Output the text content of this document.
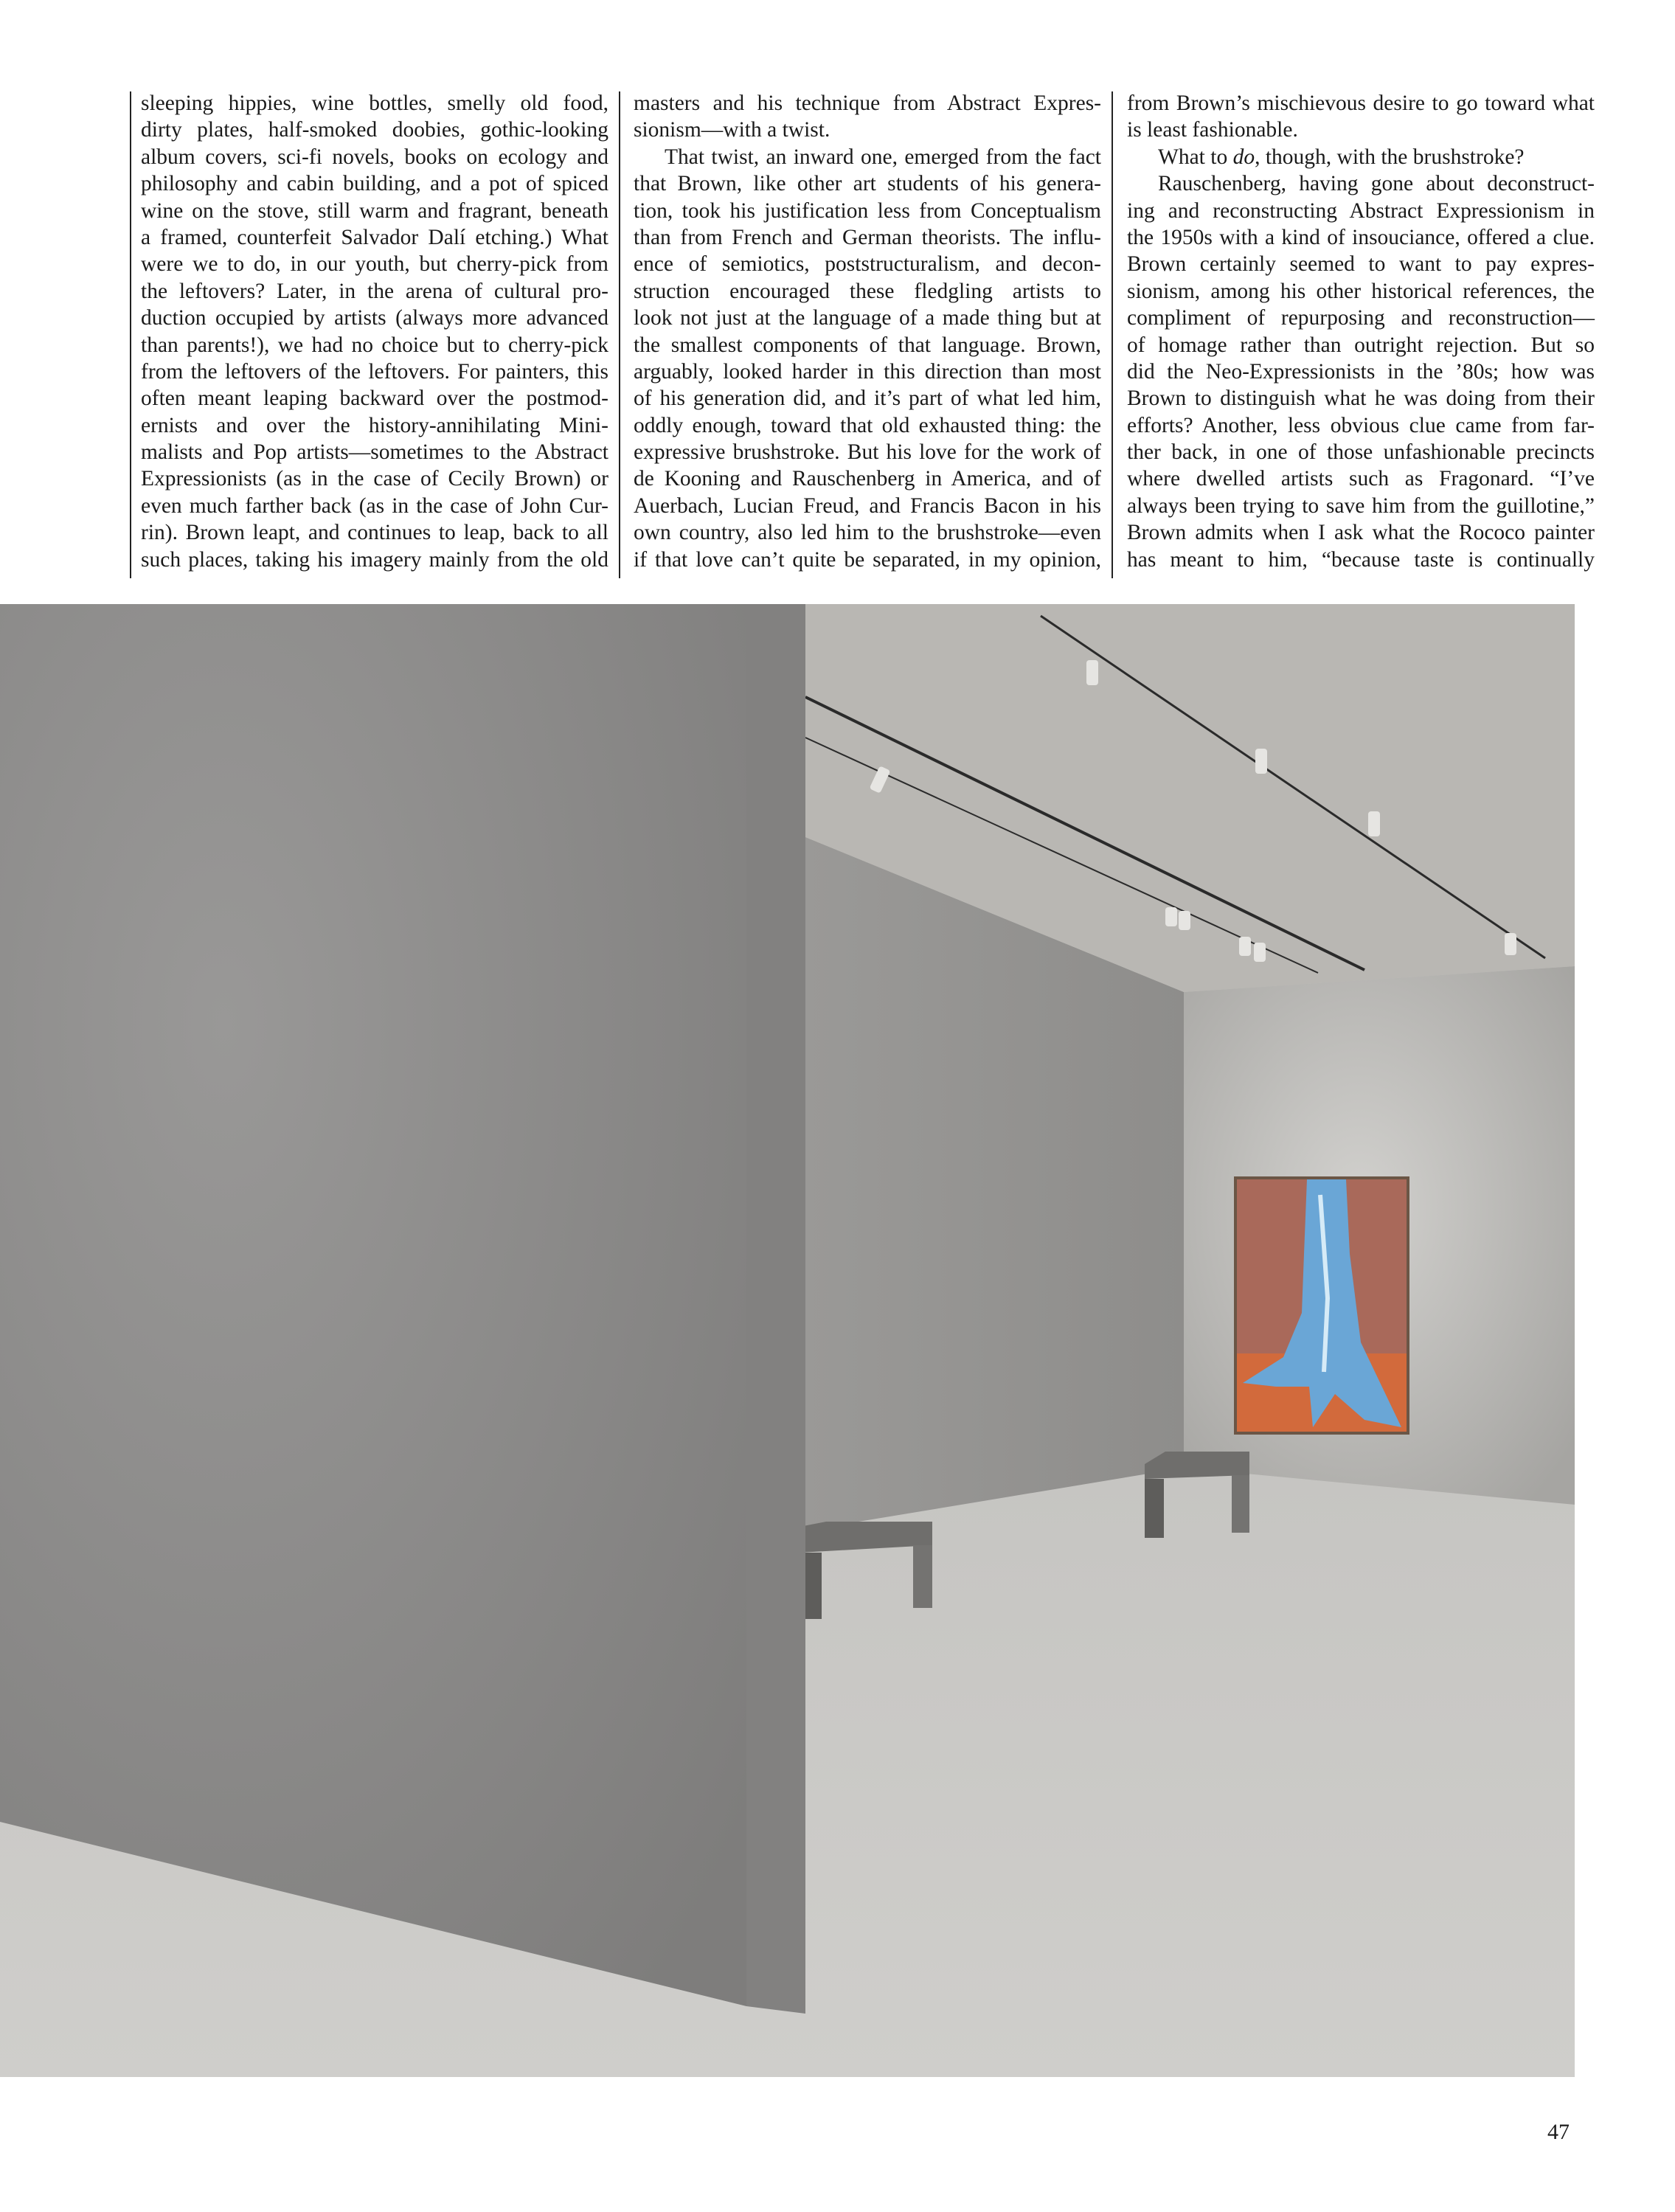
sleeping hippies, wine bottles, smelly old food,
dirty plates, half-smoked doobies, gothic-looking
album covers, sci-fi novels, books on ecology and
philosophy and cabin building, and a pot of spiced
wine on the stove, still warm and fragrant, beneath
a framed, counterfeit Salvador Dalí etching.) What
were we to do, in our youth, but cherry-pick from
the leftovers? Later, in the arena of cultural pro-
duction occupied by artists (always more advanced
than parents!), we had no choice but to cherry-pick
from the leftovers of the leftovers. For painters, this
often meant leaping backward over the postmod-
ernists and over the history-annihilating Mini-
malists and Pop artists—sometimes to the Abstract
Expressionists (as in the case of Cecily Brown) or
even much farther back (as in the case of John Cur-
rin). Brown leapt, and continues to leap, back to all
such places, taking his imagery mainly from the old
masters and his technique from Abstract Expres-
sionism—with a twist.
That twist, an inward one, emerged from the fact
that Brown, like other art students of his genera-
tion, took his justification less from Conceptualism
than from French and German theorists. The influ-
ence of semiotics, poststructuralism, and decon-
struction encouraged these fledgling artists to
look not just at the language of a made thing but at
the smallest components of that language. Brown,
arguably, looked harder in this direction than most
of his generation did, and it’s part of what led him,
oddly enough, toward that old exhausted thing: the
expressive brushstroke. But his love for the work of
de Kooning and Rauschenberg in America, and of
Auerbach, Lucian Freud, and Francis Bacon in his
own country, also led him to the brushstroke—even
if that love can’t quite be separated, in my opinion,
from Brown’s mischievous desire to go toward what
is least fashionable.
What to do, though, with the brushstroke?
Rauschenberg, having gone about deconstruct-
ing and reconstructing Abstract Expressionism in
the 1950s with a kind of insouciance, offered a clue.
Brown certainly seemed to want to pay expres-
sionism, among his other historical references, the
compliment of repurposing and reconstruction—
of homage rather than outright rejection. But so
did the Neo-Expressionists in the ’80s; how was
Brown to distinguish what he was doing from their
efforts? Another, less obvious clue came from far-
ther back, in one of those unfashionable precincts
where dwelled artists such as Fragonard. “I’ve
always been trying to save him from the guillotine,”
Brown admits when I ask what the Rococo painter
has meant to him, “because taste is continually
47
